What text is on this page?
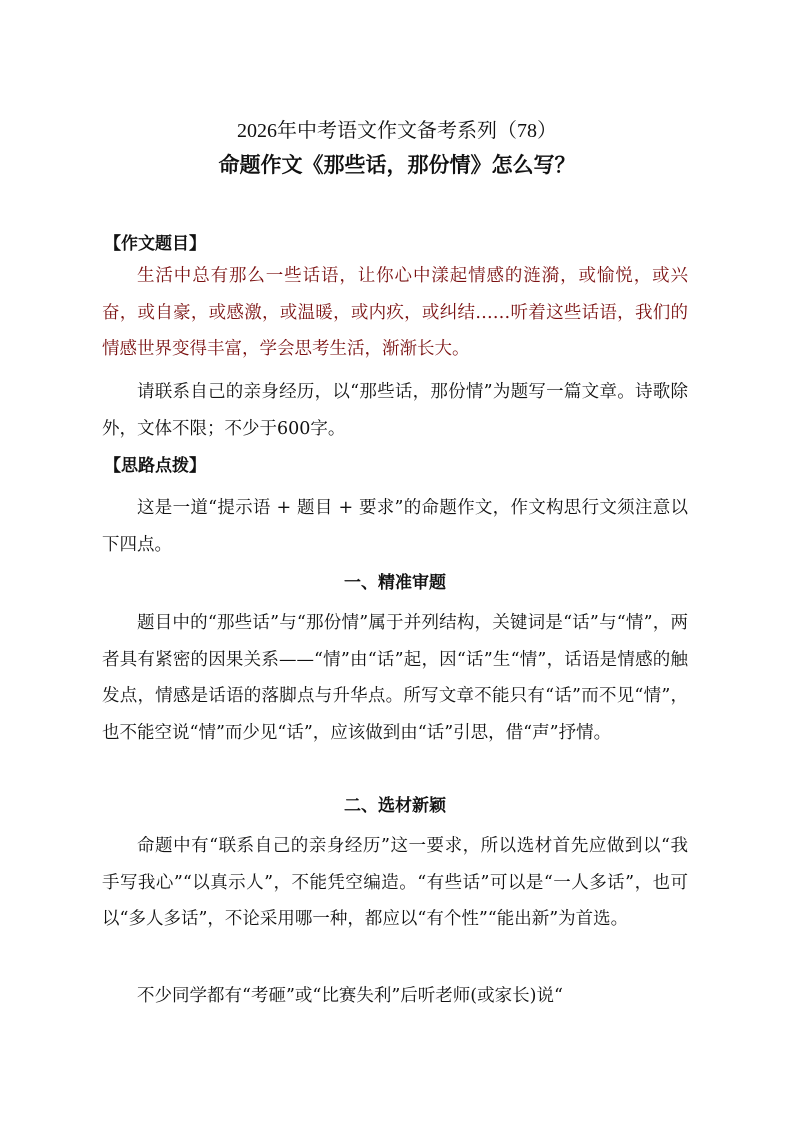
2026年中考语文作文备考系列（78）
命题作文《那些话，那份情》怎么写？

【作文题目】

生活中总有那么一些话语，让你心中漾起情感的涟漪，或愉悦，或兴奋，或自豪，或感激，或温暖，或内疚，或纠结……听着这些话语，我们的情感世界变得丰富，学会思考生活，渐渐长大。

请联系自己的亲身经历，以“那些话，那份情”为题写一篇文章。诗歌除外，文体不限；不少于600字。

【思路点拨】

这是一道“提示语 + 题目 + 要求”的命题作文，作文构思行文须注意以下四点。

一、精准审题

题目中的“那些话”与“那份情”属于并列结构，关键词是“话”与“情”，两者具有紧密的因果关系——“情”由“话”起，因“话”生“情”，话语是情感的触发点，情感是话语的落脚点与升华点。所写文章不能只有“话”而不见“情”，也不能空说“情”而少见“话”，应该做到由“话”引思，借“声”抒情。

二、选材新颖

命题中有“联系自己的亲身经历”这一要求，所以选材首先应做到以“我手写我心”“以真示人”，不能凭空编造。“有些话”可以是“一人多话”，也可以“多人多话”，不论采用哪一种，都应以“有个性”“能出新”为首选。

不少同学都有“考砸”或“比赛失利”后听老师(或家长)说“
